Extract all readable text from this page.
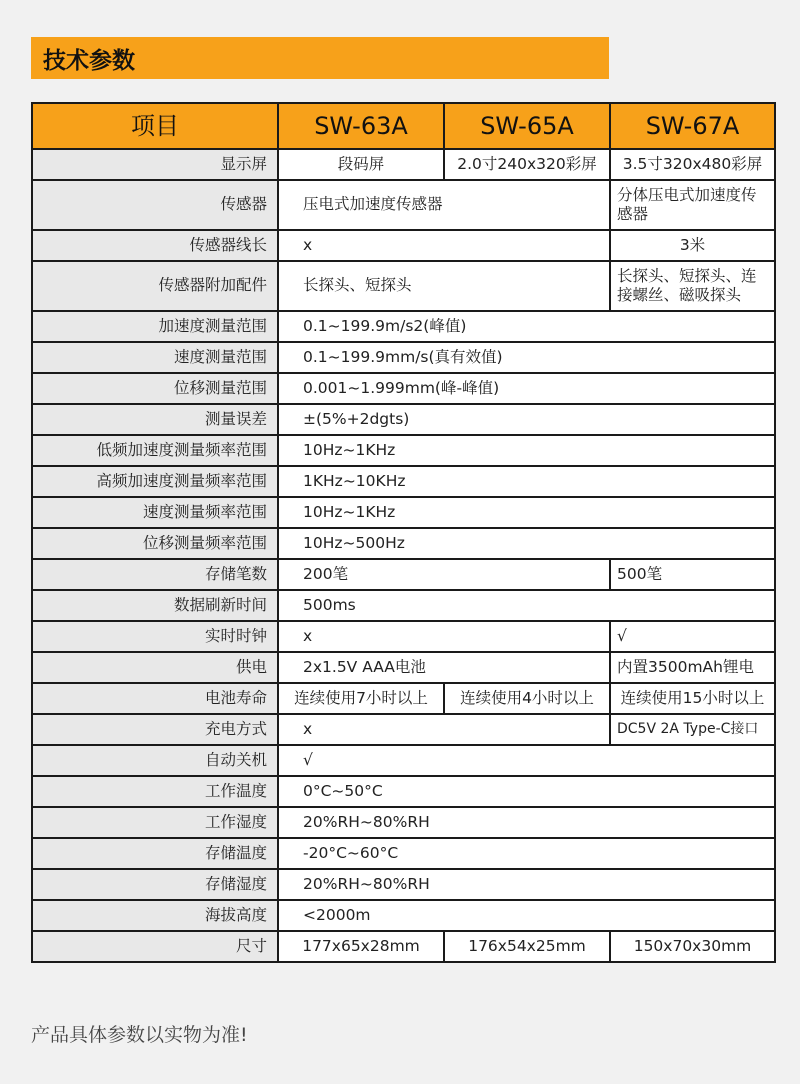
技术参数
项目	SW-63A	SW-65A	SW-67A
显示屏	段码屏	2.0寸240x320彩屏	3.5寸320x480彩屏
传感器	压电式加速度传感器		分体压电式加速度传感器
传感器线长	x		3米
传感器附加配件	长探头、短探头		长探头、短探头、连接螺丝、磁吸探头
加速度测量范围	0.1~199.9m/s2(峰值)		
速度测量范围	0.1~199.9mm/s(真有效值)		
位移测量范围	0.001~1.999mm(峰-峰值)		
测量误差	±(5%+2dgts)		
低频加速度测量频率范围	10Hz~1KHz		
高频加速度测量频率范围	1KHz~10KHz		
速度测量频率范围	10Hz~1KHz		
位移测量频率范围	10Hz~500Hz		
存储笔数	200笔		500笔
数据刷新时间	500ms		
实时时钟	x		√
供电	2x1.5V AAA电池		内置3500mAh锂电
电池寿命	连续使用7小时以上	连续使用4小时以上	连续使用15小时以上
充电方式	x		DC5V 2A Type-C接口
自动关机	√		
工作温度	0°C~50°C		
工作湿度	20%RH~80%RH		
存储温度	-20°C~60°C		
存储湿度	20%RH~80%RH		
海拔高度	<2000m		
尺寸	177x65x28mm	176x54x25mm	150x70x30mm
产品具体参数以实物为准!
